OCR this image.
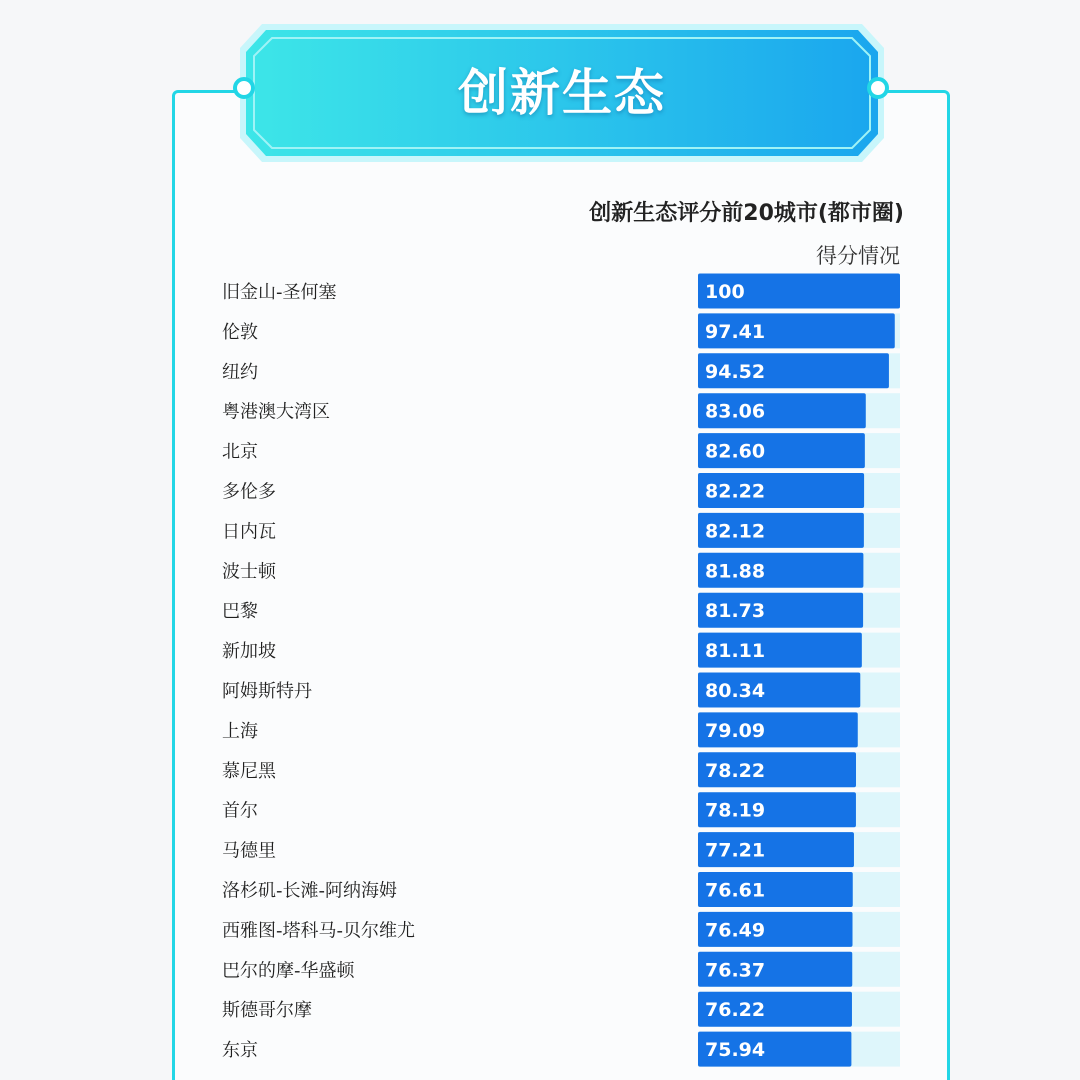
创新生态
创新生态评分前20城市(都市圈)
得分情况
旧金山-圣何塞	100
伦敦	97.41
纽约	94.52
粤港澳大湾区	83.06
北京	82.60
多伦多	82.22
日内瓦	82.12
波士顿	81.88
巴黎	81.73
新加坡	81.11
阿姆斯特丹	80.34
上海	79.09
慕尼黑	78.22
首尔	78.19
马德里	77.21
洛杉矶-长滩-阿纳海姆	76.61
西雅图-塔科马-贝尔维尤	76.49
巴尔的摩-华盛顿	76.37
斯德哥尔摩	76.22
东京	75.94
